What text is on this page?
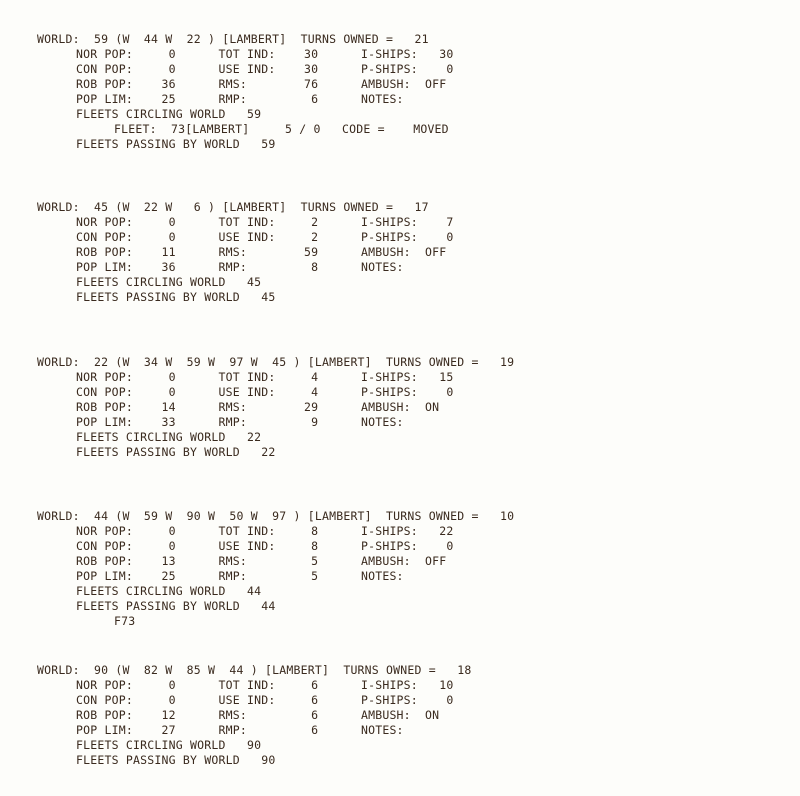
WORLD:  59 (W  44 W  22 ) [LAMBERT]  TURNS OWNED =   21
NOR POP:     0      TOT IND:    30      I-SHIPS:   30
CON POP:     0      USE IND:    30      P-SHIPS:    0
ROB POP:    36      RMS:        76      AMBUSH:  OFF
POP LIM:    25      RMP:         6      NOTES:
FLEETS CIRCLING WORLD   59
FLEET:  73[LAMBERT]     5 / 0   CODE =    MOVED
FLEETS PASSING BY WORLD   59
WORLD:  45 (W  22 W   6 ) [LAMBERT]  TURNS OWNED =   17
NOR POP:     0      TOT IND:     2      I-SHIPS:    7
CON POP:     0      USE IND:     2      P-SHIPS:    0
ROB POP:    11      RMS:        59      AMBUSH:  OFF
POP LIM:    36      RMP:         8      NOTES:
FLEETS CIRCLING WORLD   45
FLEETS PASSING BY WORLD   45
WORLD:  22 (W  34 W  59 W  97 W  45 ) [LAMBERT]  TURNS OWNED =   19
NOR POP:     0      TOT IND:     4      I-SHIPS:   15
CON POP:     0      USE IND:     4      P-SHIPS:    0
ROB POP:    14      RMS:        29      AMBUSH:  ON
POP LIM:    33      RMP:         9      NOTES:
FLEETS CIRCLING WORLD   22
FLEETS PASSING BY WORLD   22
WORLD:  44 (W  59 W  90 W  50 W  97 ) [LAMBERT]  TURNS OWNED =   10
NOR POP:     0      TOT IND:     8      I-SHIPS:   22
CON POP:     0      USE IND:     8      P-SHIPS:    0
ROB POP:    13      RMS:         5      AMBUSH:  OFF
POP LIM:    25      RMP:         5      NOTES:
FLEETS CIRCLING WORLD   44
FLEETS PASSING BY WORLD   44
F73
WORLD:  90 (W  82 W  85 W  44 ) [LAMBERT]  TURNS OWNED =   18
NOR POP:     0      TOT IND:     6      I-SHIPS:   10
CON POP:     0      USE IND:     6      P-SHIPS:    0
ROB POP:    12      RMS:         6      AMBUSH:  ON
POP LIM:    27      RMP:         6      NOTES:
FLEETS CIRCLING WORLD   90
FLEETS PASSING BY WORLD   90
